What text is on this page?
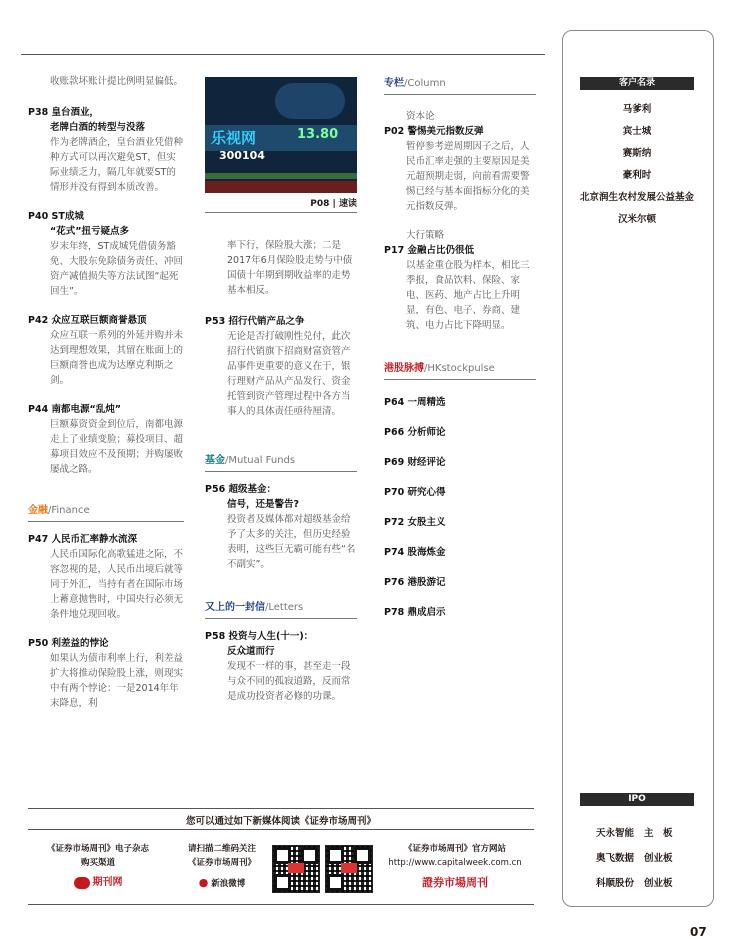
收账款坏账计提比例明显偏低。
P38 皇台酒业，
老牌白酒的转型与没落
作为老牌酒企，皇台酒业凭借种种方式可以再次避免ST，但实际业绩乏力，隔几年就要ST的情形并没有得到本质改善。
P40 ST成城
“花式”扭亏疑点多
岁末年终，ST成城凭借债务豁免、大股东免除债务责任、冲回资产减值损失等方法试图“起死回生”。
P42 众应互联巨额商誉悬顶
众应互联一系列的外延并购并未达到理想效果，其留在账面上的巨额商誉也成为达摩克利斯之剑。
P44 南都电源“乱炖”
巨额募资资金到位后，南都电源走上了业绩变脸；募投项目、超募项目效应不及预期；并购屡败屡战之路。
金融/Finance
P47 人民币汇率静水流深
人民币国际化高歌猛进之际，不容忽视的是，人民币出境后就等同于外汇，当持有者在国际市场上蓄意抛售时，中国央行必须无条件地兑现回收。
P50 利差益的悖论
如果认为债市利率上行，利差益扩大将推动保险股上涨，则现实中有两个悖论：一是2014年年末降息，利
乐视网	13.80
300104
P08 | 速读
率下行，保险股大涨；二是2017年6月保险股走势与中债国债十年期到期收益率的走势基本相反。
P53 招行代销产品之争
无论是否打破刚性兑付，此次招行代销旗下招商财富资管产品事件更重要的意义在于，银行理财产品从产品发行、资金托管到资产管理过程中各方当事人的具体责任亟待厘清。
基金/Mutual Funds
P56 超级基金：
信号，还是警告?
投资者及媒体都对超级基金给予了太多的关注，但历史经验表明，这些巨无霸可能有些“名不副实”。
又上的一封信/Letters
P58 投资与人生(十一)：
反众道而行
发现不一样的事，甚至走一段与众不同的孤寂道路，反而常是成功投资者必修的功课。
专栏/Column
资本论
P02 警惕美元指数反弹
暂停参考逆周期因子之后，人民币汇率走强的主要原因是美元超预期走弱，向前看需要警惕已经与基本面指标分化的美元指数反弹。
大行策略
P17 金融占比仍很低
以基金重仓股为样本，相比三季报，食品饮料、保险、家电、医药、地产占比上升明显，有色、电子、券商、建筑、电力占比下降明显。
港股脉搏/HKstockpulse
P64 一周精选
P66 分析师论
P69 财经评论
P70 研究心得
P72 女股主义
P74 股海炼金
P76 港股游记
P78 鼎成启示
客户名录
马爹利
宾士城
赛斯纳
豪利时
北京润生农村发展公益基金
汉米尔顿
IPO
天永智能	主　板
奥飞数据	创业板
科顺股份	创业板
您可以通过如下新媒体阅读《证券市场周刊》
《证券市场周刊》电子杂志
购买渠道
期刊网
请扫描二维码关注
《证券市场周刊》
● 新浪微博
《证券市场周刊》官方网站
http://www.capitalweek.com.cn
證券市場周刊
07
